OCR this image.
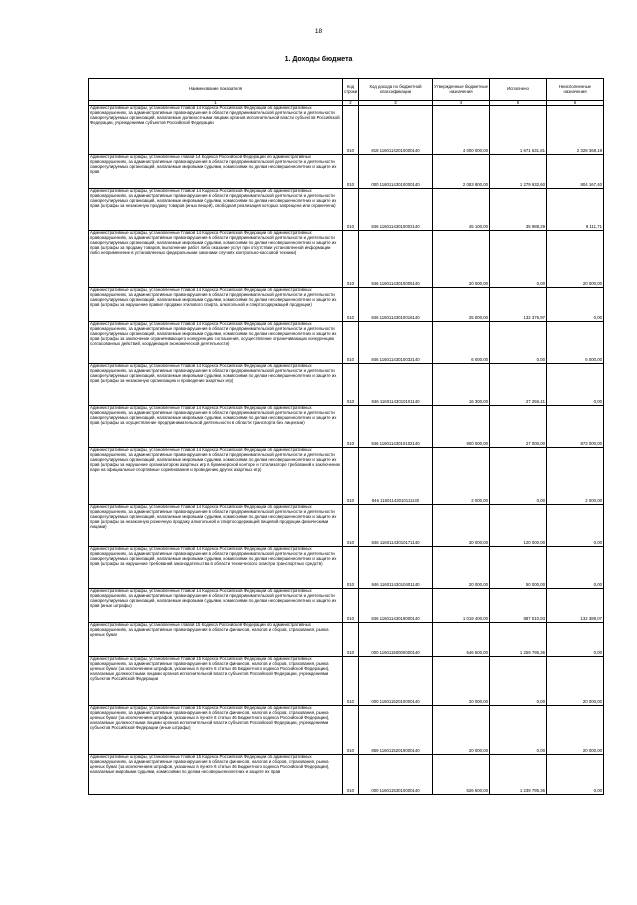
18
1. Доходы бюджета
Наименование показателя	Код строки	Код дохода по бюджетной классификации	Утвержденные бюджетные назначения	Исполнено	Неисполненные назначения
1	2	3	4	5	6
Административные штрафы, установленные Главой 14 Кодекса Российской Федерации об административных правонарушениях, за административные правонарушения в области предпринимательской деятельности и деятельности саморегулируемых организаций, налагаемые должностными лицами органов исполнительной власти субъектов Российской Федерации, учреждениями субъектов Российской Федерации	010	818 11601142010000140	4 000 000,00	1 671 631,81	2 328 368,19
Административные штрафы, установленные главой 14 Кодекса Российской Федерации об административных правонарушениях, за административные правонарушения в области предпринимательской деятельности и деятельности саморегулируемых организаций, налагаемые мировыми судьями, комиссиями по делам несовершеннолетних и защите их прав	010	000 11601143010000140	2 083 800,00	1 279 632,60	804 167,40
Административные штрафы, установленные Главой 14 Кодекса Российской Федерации об административных правонарушениях, за административные правонарушения в области предпринимательской деятельности и деятельности саморегулируемых организаций, налагаемые мировыми судьями, комиссиями по делам несовершеннолетних и защите их прав (штрафы за незаконную продажу товаров (иных вещей), свободная реализация которых запрещена или ограничена)	010	846 11601143010002140	45 100,00	35 988,29	9 111,71
Административные штрафы, установленные Главой 14 Кодекса Российской Федерации об административных правонарушениях, за административные правонарушения в области предпринимательской деятельности и деятельности саморегулируемых организаций, налагаемые мировыми судьями, комиссиями по делам несовершеннолетних и защите их прав (штрафы за продажу товаров, выполнение работ либо оказание услуг при отсутствии установленной информации либо неприменение в установленных федеральными законами случаях контрольно-кассовой техники)	010	846 11601143010005140	20 000,00	0,00	20 000,00
Административные штрафы, установленные Главой 14 Кодекса Российской Федерации об административных правонарушениях, за административные правонарушения в области предпринимательской деятельности и деятельности саморегулируемых организаций, налагаемые мировыми судьями, комиссиями по делам несовершеннолетних и защите их прав (штрафы за нарушение правил продажи этилового спирта, алкогольной и спиртосодержащей продукции)	010	846 11601143010016140	25 000,00	132 376,97	0,00
Административные штрафы, установленные Главой 14 Кодекса Российской Федерации об административных правонарушениях, за административные правонарушения в области предпринимательской деятельности и деятельности саморегулируемых организаций, налагаемые мировыми судьями, комиссиями по делам несовершеннолетних и защите их прав (штрафы за заключение ограничивающего конкуренцию соглашения, осуществление ограничивающих конкуренцию согласованных действий, координация экономической деятельности)	010	846 11601143010032140	6 000,00	0,00	6 000,00
Административные штрафы, установленные Главой 14 Кодекса Российской Федерации об административных правонарушениях, за административные правонарушения в области предпринимательской деятельности и деятельности саморегулируемых организаций, налагаемые мировыми судьями, комиссиями по делам несовершеннолетних и защите их прав (штрафы за незаконную организацию и проведение азартных игр)	010	846 11601143010101140	16 300,00	27 256,41	0,00
Административные штрафы, установленные Главой 14 Кодекса Российской Федерации об административных правонарушениях, за административные правонарушения в области предпринимательской деятельности и деятельности саморегулируемых организаций, налагаемые мировыми судьями, комиссиями по делам несовершеннолетних и защите их прав (штрафы за осуществление предпринимательской деятельности в области транспорта без лицензии)	010	846 11601143010102140	900 000,00	27 000,00	873 000,00
Административные штрафы, установленные Главой 14 Кодекса Российской Федерации об административных правонарушениях, за административные правонарушения в области предпринимательской деятельности и деятельности саморегулируемых организаций, налагаемые мировыми судьями, комиссиями по делам несовершеннолетних и защите их прав (штрафы за нарушение организатором азартных игр в букмекерской конторе и тотализаторе требований к заключению пари на официальные спортивные соревнования и проведению других азартных игр)	010	846 11601143010111140	2 000,00	0,00	2 000,00
Административные штрафы, установленные Главой 14 Кодекса Российской Федерации об административных правонарушениях, за административные правонарушения в области предпринимательской деятельности и деятельности саморегулируемых организаций, налагаемые мировыми судьями, комиссиями по делам несовершеннолетних и защите их прав (штрафы за незаконную розничную продажу алкогольной и спиртосодержащей пищевой продукции физическими лицами)	010	846 11601143010171140	30 000,00	120 000,00	0,00
Административные штрафы, установленные Главой 14 Кодекса Российской Федерации об административных правонарушениях, за административные правонарушения в области предпринимательской деятельности и деятельности саморегулируемых организаций, налагаемые мировыми судьями, комиссиями по делам несовершеннолетних и защите их прав (штрафы за нарушение требований законодательства в области технического осмотра транспортных средств)	010	846 11601143010401140	20 000,00	50 000,00	0,00
Административные штрафы, установленные Главой 14 Кодекса Российской Федерации об административных правонарушениях, за административные правонарушения в области предпринимательской деятельности и деятельности саморегулируемых организаций, налагаемые мировыми судьями, комиссиями по делам несовершеннолетних и защите их прав (иные штрафы)	010	846 11601143019000140	1 019 400,00	887 010,93	132 389,07
Административные штрафы, установленные главой 15 Кодекса Российской Федерации об административных правонарушениях, за административные правонарушения в области финансов, налогов и сборов, страхования, рынка ценных бумаг	010	000 11601150000000140	546 600,00	1 259 795,36	0,00
Административные штрафы, установленные Главой 15 Кодекса Российской Федерации об административных правонарушениях, за административные правонарушения в области финансов, налогов и сборов, страхования, рынка ценных бумаг (за исключением штрафов, указанных в пункте 6 статьи 46 Бюджетного кодекса Российской Федерации), налагаемые должностными лицами органов исполнительной власти субъектов Российской Федерации, учреждениями субъектов Российской Федерации	010	000 11601152010000140	20 000,00	0,00	20 000,00
Административные штрафы, установленные Главой 15 Кодекса Российской Федерации об административных правонарушениях, за административные правонарушения в области финансов, налогов и сборов, страхования, рынка ценных бумаг (за исключением штрафов, указанных в пункте 6 статьи 46 Бюджетного кодекса Российской Федерации), налагаемые должностными лицами органов исполнительной власти субъектов Российской Федерации, учреждениями субъектов Российской Федерации (иные штрафы)	010	859 11601152019000140	20 000,00	0,00	20 000,00
Административные штрафы, установленные Главой 15 Кодекса Российской Федерации об административных правонарушениях, за административные правонарушения в области финансов, налогов и сборов, страхования, рынка ценных бумаг (за исключением штрафов, указанных в пункте 6 статьи 46 Бюджетного кодекса Российской Федерации), налагаемые мировыми судьями, комиссиями по делам несовершеннолетних и защите их прав	010	000 11601153010000140	526 600,00	1 239 795,36	0,00
